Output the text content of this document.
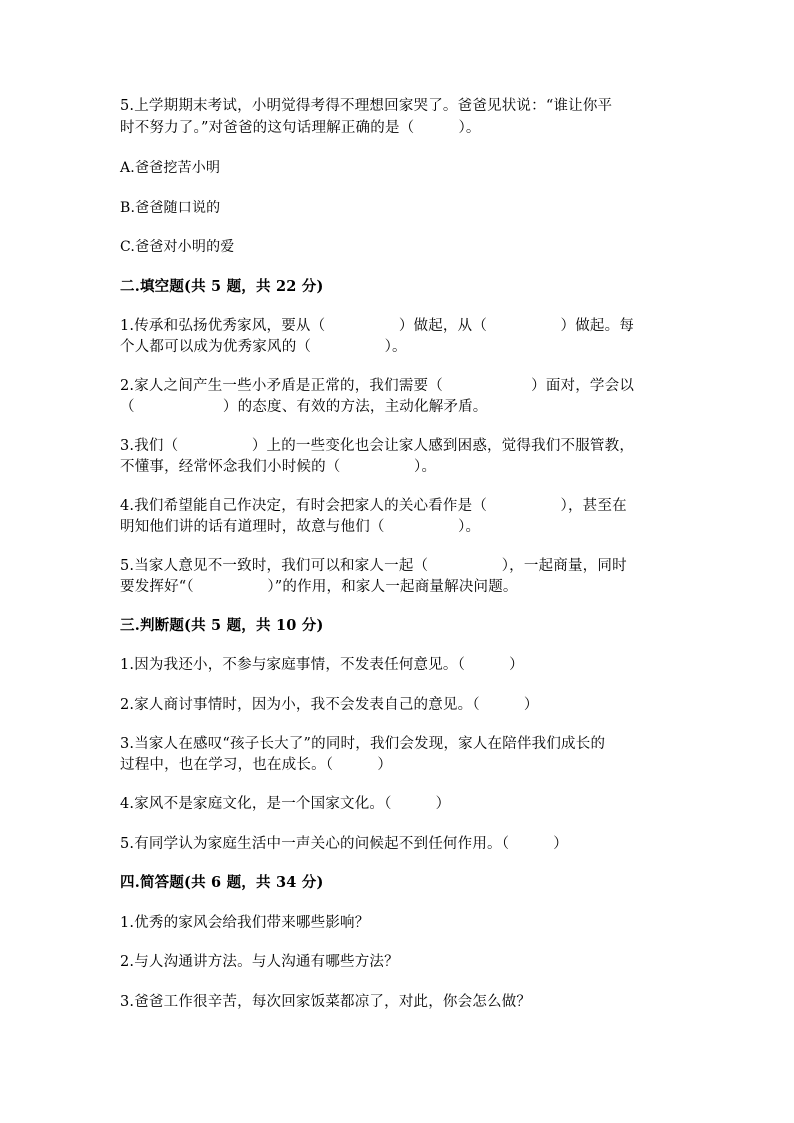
5.上学期期末考试，小明觉得考得不理想回家哭了。爸爸见状说：“谁让你平
时不努力了。”对爸爸的这句话理解正确的是（　　　）。
A.爸爸挖苦小明
B.爸爸随口说的
C.爸爸对小明的爱
二.填空题(共 5 题，共 22 分)
1.传承和弘扬优秀家风，要从（　　　　　）做起，从（　　　　　）做起。每
个人都可以成为优秀家风的（　　　　　）。
2.家人之间产生一些小矛盾是正常的，我们需要（　　　　　　）面对，学会以
（　　　　　　）的态度、有效的方法，主动化解矛盾。
3.我们（　　　　　）上的一些变化也会让家人感到困惑，觉得我们不服管教，
不懂事，经常怀念我们小时候的（　　　　　）。
4.我们希望能自己作决定，有时会把家人的关心看作是（　　　　　），甚至在
明知他们讲的话有道理时，故意与他们（　　　　　）。
5.当家人意见不一致时，我们可以和家人一起（　　　　　），一起商量，同时
要发挥好“（　　　　　）”的作用，和家人一起商量解决问题。
三.判断题(共 5 题，共 10 分)
1.因为我还小，不参与家庭事情，不发表任何意见。（　　　）
2.家人商讨事情时，因为小，我不会发表自己的意见。（　　　）
3.当家人在感叹“孩子长大了”的同时，我们会发现，家人在陪伴我们成长的
过程中，也在学习，也在成长。（　　　）
4.家风不是家庭文化，是一个国家文化。（　　　）
5.有同学认为家庭生活中一声关心的问候起不到任何作用。（　　　）
四.简答题(共 6 题，共 34 分)
1.优秀的家风会给我们带来哪些影响？
2.与人沟通讲方法。与人沟通有哪些方法？
3.爸爸工作很辛苦，每次回家饭菜都凉了，对此，你会怎么做？
